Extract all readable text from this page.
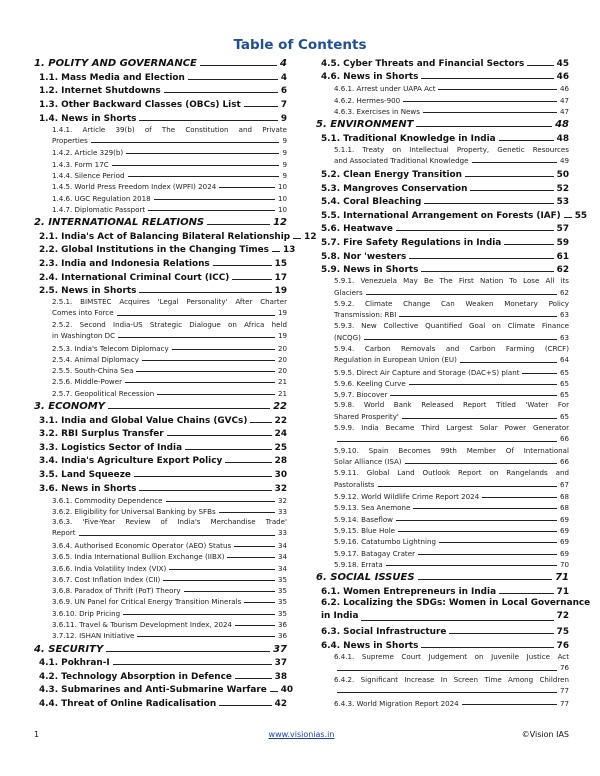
Table of Contents
1. POLITY AND GOVERNANCE	4
1.1. Mass Media and Election	4
1.2. Internet Shutdowns	6
1.3. Other Backward Classes (OBCs) List	7
1.4. News in Shorts	9
1.4.1. Article 39(b) of The Constitution and Private
Properties	9
1.4.2. Article 329(b)	9
1.4.3. Form 17C	9
1.4.4. Silence Period	9
1.4.5. World Press Freedom Index (WPFI) 2024	10
1.4.6. UGC Regulation 2018	10
1.4.7. Diplomatic Passport	10
2. INTERNATIONAL RELATIONS	12
2.1. India's Act of Balancing Bilateral Relationship 12
2.2. Global Institutions in the Changing Times 13
2.3. India and Indonesia Relations	15
2.4. International Criminal Court (ICC)	17
2.5. News in Shorts	19
2.5.1. BIMSTEC Acquires 'Legal Personality' After Charter
Comes into Force	19
2.5.2. Second India-US Strategic Dialogue on Africa held
in Washington DC	19
2.5.3. India's Telecom Diplomacy	20
2.5.4. Animal Diplomacy	20
2.5.5. South-China Sea	20
2.5.6. Middle-Power	21
2.5.7. Geopolitical Recession	21
3. ECONOMY	22
3.1. India and Global Value Chains (GVCs)	22
3.2. RBI Surplus Transfer	24
3.3. Logistics Sector of India	25
3.4. India's Agriculture Export Policy	28
3.5. Land Squeeze	30
3.6. News in Shorts	32
3.6.1. Commodity Dependence	32
3.6.2. Eligibility for Universal Banking by SFBs	33
3.6.3. 'Five-Year Review of India's Merchandise Trade'
Report	33
3.6.4. Authorised Economic Operator (AEO) Status	34
3.6.5. India International Bullion Exchange (IIBX)	34
3.6.6. India Volatility Index (VIX)	34
3.6.7. Cost Inflation Index (CII)	35
3.6.8. Paradox of Thrift (PoT) Theory	35
3.6.9. UN Panel for Critical Energy Transition Minerals	35
3.6.10. Drip Pricing	35
3.6.11. Travel & Tourism Development Index, 2024	36
3.7.12. ISHAN Initiative	36
4. SECURITY	37
4.1. Pokhran-I	37
4.2. Technology Absorption in Defence	38
4.3. Submarines and Anti-Submarine Warfare 40
4.4. Threat of Online Radicalisation	42
4.5. Cyber Threats and Financial Sectors	45
4.6. News in Shorts	46
4.6.1. Arrest under UAPA Act	46
4.6.2. Hermes-900	47
4.6.3. Exercises in News	47
5. ENVIRONMENT	48
5.1. Traditional Knowledge in India	48
5.1.1. Treaty on Intellectual Property, Genetic Resources
and Associated Traditional Knowledge	49
5.2. Clean Energy Transition	50
5.3. Mangroves Conservation	52
5.4. Coral Bleaching	53
5.5. International Arrangement on Forests (IAF) 55
5.6. Heatwave	57
5.7. Fire Safety Regulations in India	59
5.8. Nor 'westers	61
5.9. News in Shorts	62
5.9.1. Venezuela May Be The First Nation To Lose All its
Glaciers	62
5.9.2. Climate Change Can Weaken Monetary Policy
Transmission: RBI	63
5.9.3. New Collective Quantified Goal on Climate Finance
(NCQG)	63
5.9.4. Carbon Removals and Carbon Farming (CRCF)
Regulation in European Union (EU)	64
5.9.5. Direct Air Capture and Storage (DAC+S) plant	65
5.9.6. Keeling Curve	65
5.9.7. Biocover	65
5.9.8. World Bank Released Report Titled 'Water For
Shared Prosperity'	65
5.9.9. India Became Third Largest Solar Power Generator
66
5.9.10. Spain Becomes 99th Member Of International
Solar Alliance (ISA)	66
5.9.11. Global Land Outlook Report on Rangelands and
Pastoralists	67
5.9.12. World Wildlife Crime Report 2024	68
5.9.13. Sea Anemone	68
5.9.14. Baseflow	69
5.9.15. Blue Hole	69
5.9.16. Catatumbo Lightning	69
5.9.17. Batagay Crater	69
5.9.18. Errata	70
6. SOCIAL ISSUES	71
6.1. Women Entrepreneurs in India	71
6.2. Localizing the SDGs: Women in Local Governance
in India	72
6.3. Social Infrastructure	75
6.4. News in Shorts	76
6.4.1. Supreme Court Judgement on Juvenile Justice Act
76
6.4.2. Significant Increase In Screen Time Among Children
77
6.4.3. World Migration Report 2024	77
1	www.visionias.in	©Vision IAS
